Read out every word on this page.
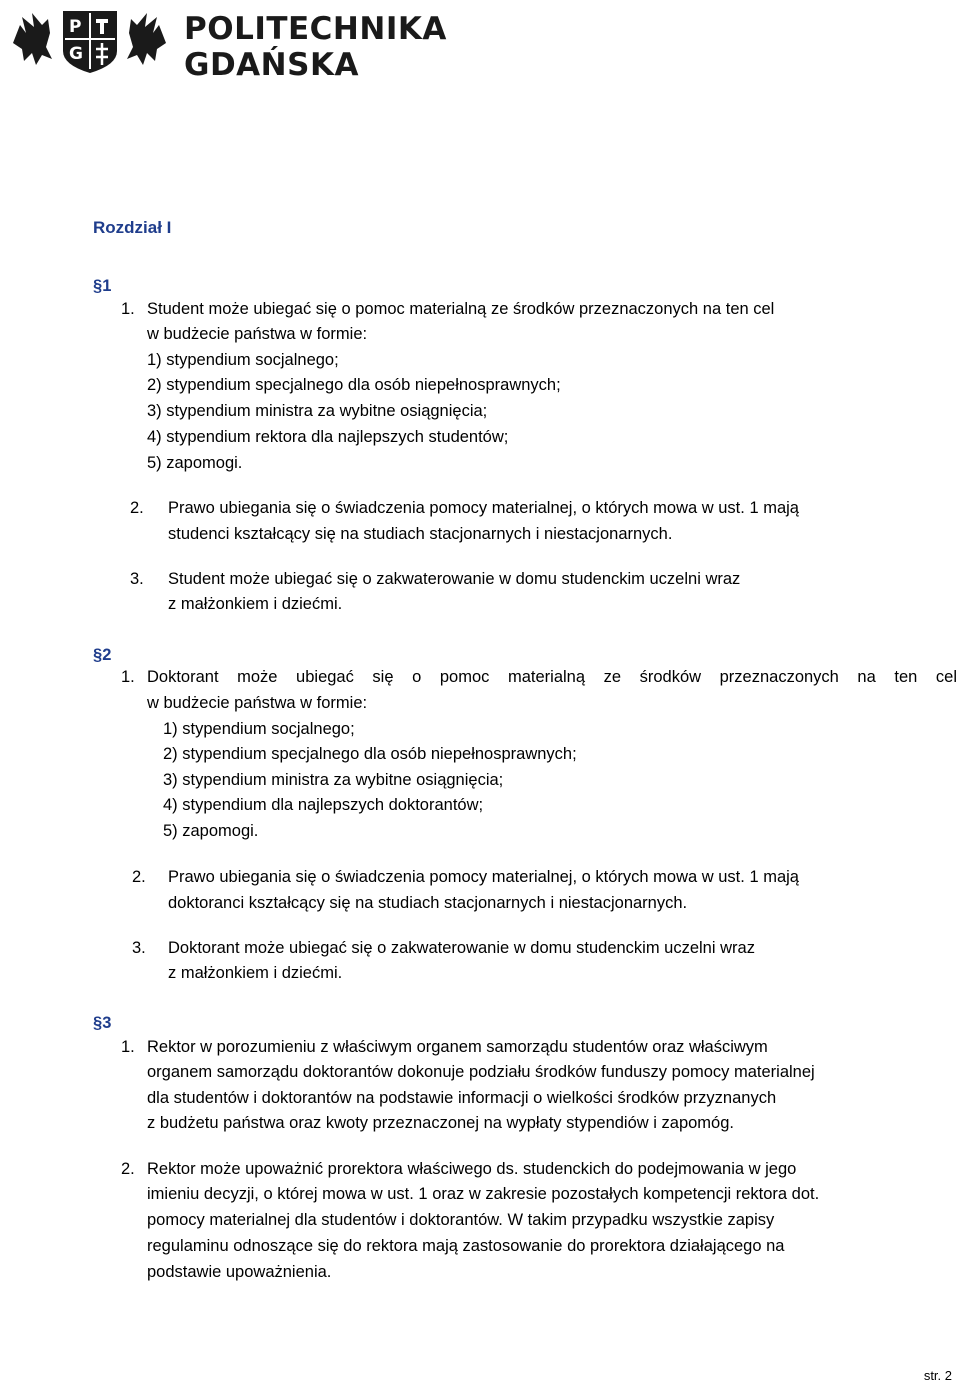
P
G
POLITECHNIKA
GDAŃSKA
Rozdział I
§1
1. Student może ubiegać się o pomoc materialną ze środków przeznaczonych na ten cel
w budżecie państwa w formie:
1) stypendium socjalnego;
2) stypendium specjalnego dla osób niepełnosprawnych;
3) stypendium ministra za wybitne osiągnięcia;
4) stypendium rektora dla najlepszych studentów;
5) zapomogi.
2. Prawo ubiegania się o świadczenia pomocy materialnej, o których mowa w ust. 1 mają
studenci kształcący się na studiach stacjonarnych i niestacjonarnych.
3. Student może ubiegać się o zakwaterowanie w domu studenckim uczelni wraz
z małżonkiem i dziećmi.
§2
1. Doktorant może ubiegać się o pomoc materialną ze środków przeznaczonych na ten cel
w budżecie państwa w formie:
1) stypendium socjalnego;
2) stypendium specjalnego dla osób niepełnosprawnych;
3) stypendium ministra za wybitne osiągnięcia;
4) stypendium dla najlepszych doktorantów;
5) zapomogi.
2. Prawo ubiegania się o świadczenia pomocy materialnej, o których mowa w ust. 1 mają
doktoranci kształcący się na studiach stacjonarnych i niestacjonarnych.
3. Doktorant może ubiegać się o zakwaterowanie w domu studenckim uczelni wraz
z małżonkiem i dziećmi.
§3
1. Rektor w porozumieniu z właściwym organem samorządu studentów oraz właściwym
organem samorządu doktorantów dokonuje podziału środków funduszy pomocy materialnej
dla studentów i doktorantów na podstawie informacji o wielkości środków przyznanych
z budżetu państwa oraz kwoty przeznaczonej na wypłaty stypendiów i zapomóg.
2. Rektor może upoważnić prorektora właściwego ds. studenckich do podejmowania w jego
imieniu decyzji, o której mowa w ust. 1 oraz w zakresie pozostałych kompetencji rektora dot.
pomocy materialnej dla studentów i doktorantów. W takim przypadku wszystkie zapisy
regulaminu odnoszące się do rektora mają zastosowanie do prorektora działającego na
podstawie upoważnienia.
str. 2
